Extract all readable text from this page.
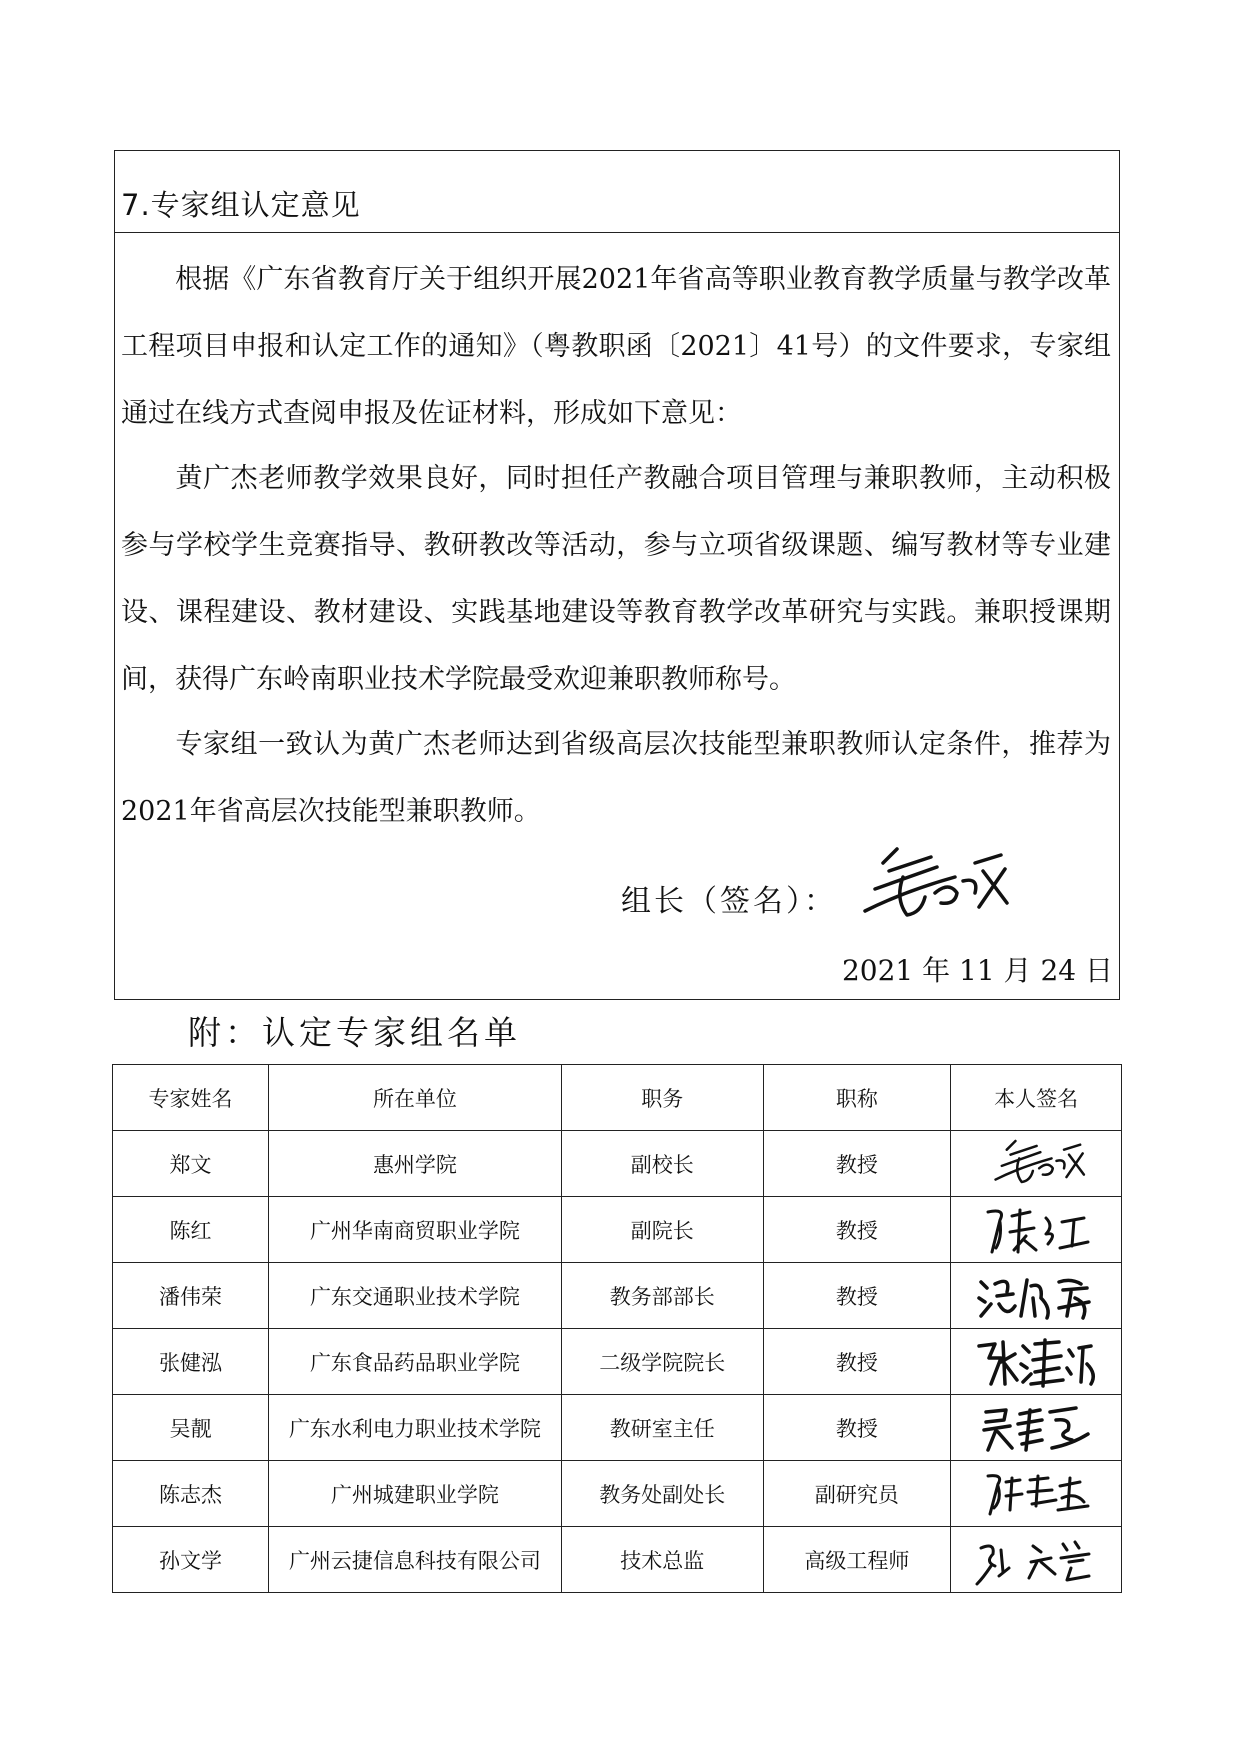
7.专家组认定意见
根据《广东省教育厅关于组织开展2021年省高等职业教育教学质量与教学改革工程项目申报和认定工作的通知》（粤教职函〔2021〕41号）的文件要求，专家组通过在线方式查阅申报及佐证材料，形成如下意见：
黄广杰老师教学效果良好，同时担任产教融合项目管理与兼职教师，主动积极参与学校学生竞赛指导、教研教改等活动，参与立项省级课题、编写教材等专业建设、课程建设、教材建设、实践基地建设等教育教学改革研究与实践。兼职授课期间，获得广东岭南职业技术学院最受欢迎兼职教师称号。
专家组一致认为黄广杰老师达到省级高层次技能型兼职教师认定条件，推荐为2021年省高层次技能型兼职教师。
组长（签名）：
2021 年 11 月 24 日
附：认定专家组名单
专家姓名	所在单位	职务	职称	本人签名
郑文	惠州学院	副校长	教授	

陈红	广州华南商贸职业学院	副院长	教授	

潘伟荣	广东交通职业技术学院	教务部部长	教授	

张健泓	广东食品药品职业学院	二级学院院长	教授	

吴靓	广东水利电力职业技术学院	教研室主任	教授	

陈志杰	广州城建职业学院	教务处副处长	副研究员	

孙文学	广州云捷信息科技有限公司	技术总监	高级工程师	
